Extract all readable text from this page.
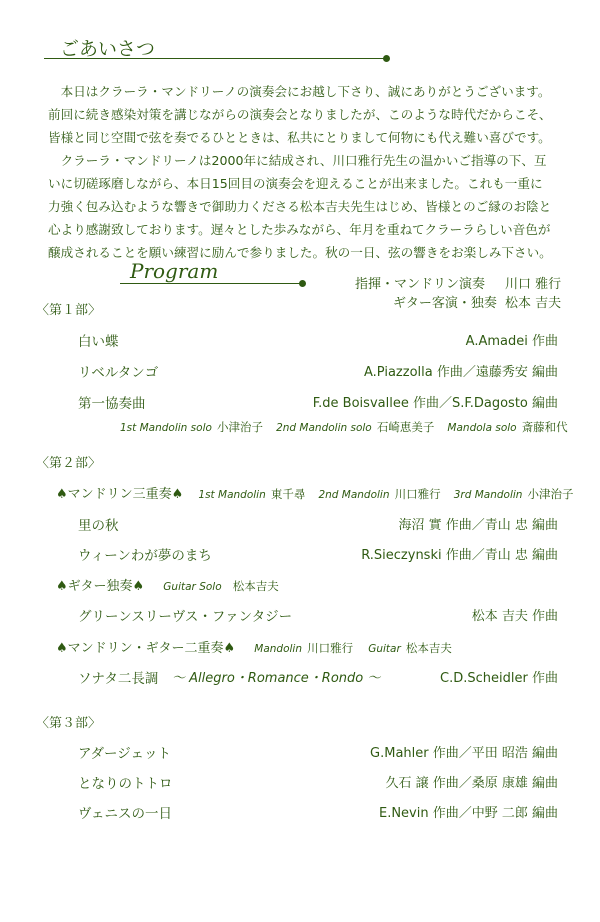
ごあいさつ

本日はクラーラ・マンドリーノの演奏会にお越し下さり、誠にありがとうございます。

前回に続き感染対策を講じながらの演奏会となりましたが、このような時代だからこそ、

皆様と同じ空間で弦を奏でるひとときは、私共にとりまして何物にも代え難い喜びです。

クラーラ・マンドリーノは2000年に結成され、川口雅行先生の温かいご指導の下、互

いに切磋琢磨しながら、本日15回目の演奏会を迎えることが出来ました。これも一重に

力強く包み込むような響きで御助力くださる松本吉夫先生はじめ、皆様とのご縁のお陰と

心より感謝致しております。遅々とした歩みながら、年月を重ねてクラーラらしい音色が

醸成されることを願い練習に励んで参りました。秋の一日、弦の響きをお楽しみ下さい。

Program
指揮・マンドリン演奏 川口 雅行
ギター客演・独奏 松本 吉夫
〈第１部〉
白い蝶	A.Amadei 作曲
リベルタンゴ	A.Piazzolla 作曲／遠藤秀安 編曲
第一協奏曲	F.de Boisvallee 作曲／S.F.Dagosto 編曲
1st Mandolin solo 小津治子 2nd Mandolin solo 石崎恵美子 Mandola solo 斎藤和代
〈第２部〉
♠マンドリン三重奏♠ 1st Mandolin 東千尋 2nd Mandolin 川口雅行 3rd Mandolin 小津治子
里の秋	海沼 實 作曲／青山 忠 編曲
ウィーンわが夢のまち	R.Sieczynski 作曲／青山 忠 編曲
♠ギター独奏♠ Guitar Solo 松本吉夫
グリーンスリーヴス・ファンタジー	松本 吉夫 作曲
♠マンドリン・ギター二重奏♠ Mandolin 川口雅行 Guitar 松本吉夫
ソナタ二長調 ～ Allegro・Romance・Rondo ～	C.D.Scheidler 作曲
〈第３部〉
アダージェット	G.Mahler 作曲／平田 昭浩 編曲
となりのトトロ	久石 譲 作曲／桑原 康雄 編曲
ヴェニスの一日	E.Nevin 作曲／中野 二郎 編曲
